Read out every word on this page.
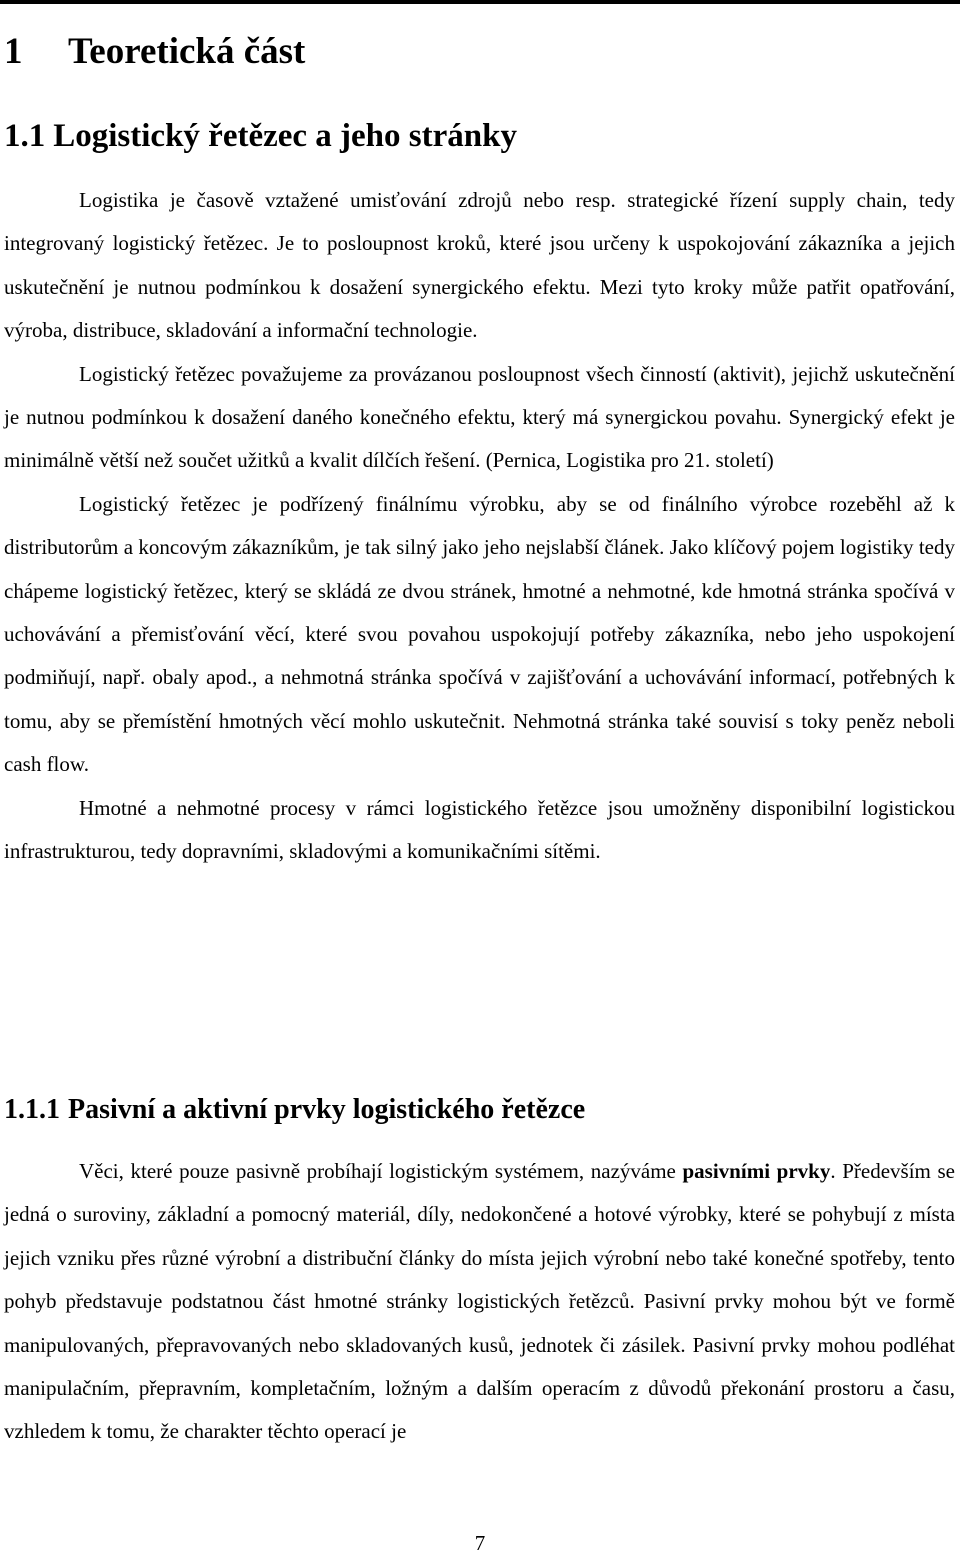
1 Teoretická část
1.1 Logistický řetězec a jeho stránky

Logistika je časově vztažené umisťování zdrojů nebo resp. strategické řízení supply chain, tedy integrovaný logistický řetězec. Je to posloupnost kroků, které jsou určeny k uspokojování zákazníka a jejich uskutečnění je nutnou podmínkou k dosažení synergického efektu. Mezi tyto kroky může patřit opatřování, výroba, distribuce, skladování a informační technologie.

Logistický řetězec považujeme za provázanou posloupnost všech činností (aktivit), jejichž uskutečnění je nutnou podmínkou k dosažení daného konečného efektu, který má synergickou povahu. Synergický efekt je minimálně větší než součet užitků a kvalit dílčích řešení. (Pernica, Logistika pro 21. století)

Logistický řetězec je podřízený finálnímu výrobku, aby se od finálního výrobce rozeběhl až k distributorům a koncovým zákazníkům, je tak silný jako jeho nejslabší článek. Jako klíčový pojem logistiky tedy chápeme logistický řetězec, který se skládá ze dvou stránek, hmotné a nehmotné, kde hmotná stránka spočívá v uchovávání a přemisťování věcí, které svou povahou uspokojují potřeby zákazníka, nebo jeho uspokojení podmiňují, např. obaly apod., a nehmotná stránka spočívá v zajišťování a uchovávání informací, potřebných k tomu, aby se přemístění hmotných věcí mohlo uskutečnit. Nehmotná stránka také souvisí s toky peněz neboli cash flow.

Hmotné a nehmotné procesy v rámci logistického řetězce jsou umožněny disponibilní logistickou infrastrukturou, tedy dopravními, skladovými a komunikačními sítěmi.

1.1.1 Pasivní a aktivní prvky logistického řetězce

Věci, které pouze pasivně probíhají logistickým systémem, nazýváme pasivními prvky. Především se jedná o suroviny, základní a pomocný materiál, díly, nedokončené a hotové výrobky, které se pohybují z místa jejich vzniku přes různé výrobní a distribuční články do místa jejich výrobní nebo také konečné spotřeby, tento pohyb představuje podstatnou část hmotné stránky logistických řetězců. Pasivní prvky mohou být ve formě manipulovaných, přepravovaných nebo skladovaných kusů, jednotek či zásilek. Pasivní prvky mohou podléhat manipulačním, přepravním, kompletačním, ložným a dalším operacím z důvodů překonání prostoru a času, vzhledem k tomu, že charakter těchto operací je

7
